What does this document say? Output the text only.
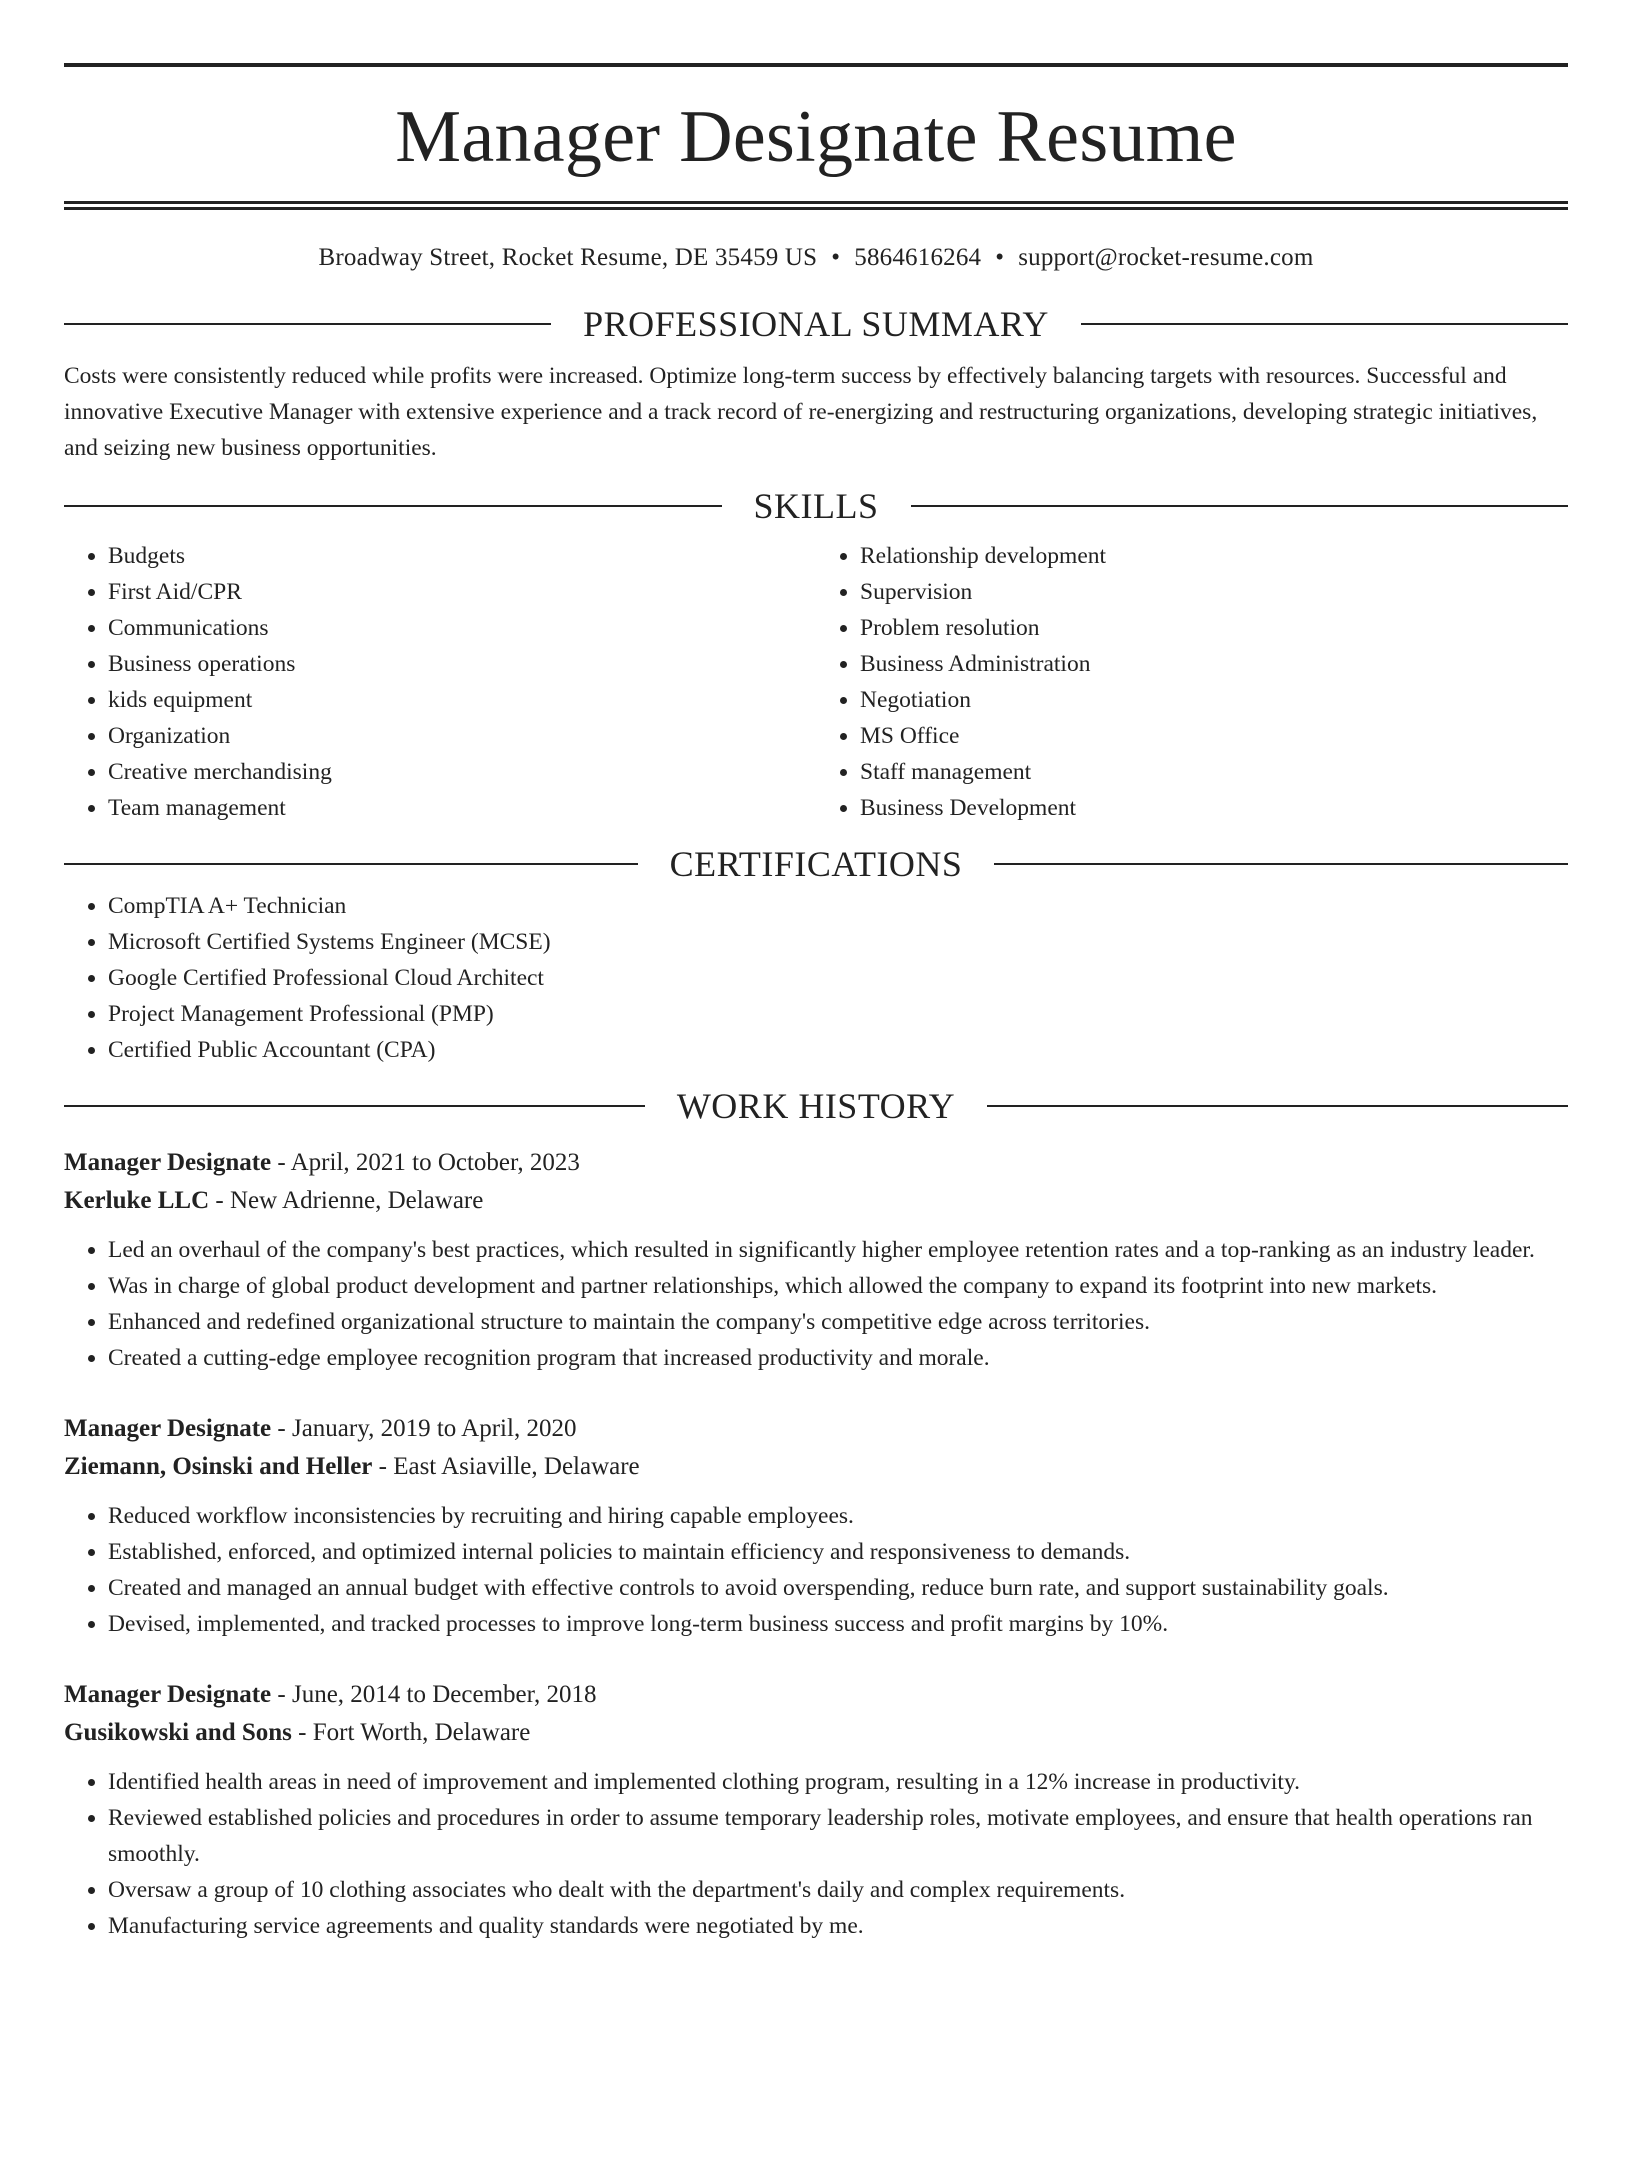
Manager Designate Resume
Broadway Street, Rocket Resume, DE 35459 US • 5864616264 • support@rocket-resume.com
PROFESSIONAL SUMMARY
Costs were consistently reduced while profits were increased. Optimize long-term success by effectively balancing targets with resources. Successful and innovative Executive Manager with extensive experience and a track record of re-energizing and restructuring organizations, developing strategic initiatives, and seizing new business opportunities.
SKILLS
• Budgets
• First Aid/CPR
• Communications
• Business operations
• kids equipment
• Organization
• Creative merchandising
• Team management
• Relationship development
• Supervision
• Problem resolution
• Business Administration
• Negotiation
• MS Office
• Staff management
• Business Development
CERTIFICATIONS
• CompTIA A+ Technician
• Microsoft Certified Systems Engineer (MCSE)
• Google Certified Professional Cloud Architect
• Project Management Professional (PMP)
• Certified Public Accountant (CPA)
WORK HISTORY
Manager Designate - April, 2021 to October, 2023
Kerluke LLC - New Adrienne, Delaware
• Led an overhaul of the company's best practices, which resulted in significantly higher employee retention rates and a top-ranking as an industry leader.
• Was in charge of global product development and partner relationships, which allowed the company to expand its footprint into new markets.
• Enhanced and redefined organizational structure to maintain the company's competitive edge across territories.
• Created a cutting-edge employee recognition program that increased productivity and morale.
Manager Designate - January, 2019 to April, 2020
Ziemann, Osinski and Heller - East Asiaville, Delaware
• Reduced workflow inconsistencies by recruiting and hiring capable employees.
• Established, enforced, and optimized internal policies to maintain efficiency and responsiveness to demands.
• Created and managed an annual budget with effective controls to avoid overspending, reduce burn rate, and support sustainability goals.
• Devised, implemented, and tracked processes to improve long-term business success and profit margins by 10%.
Manager Designate - June, 2014 to December, 2018
Gusikowski and Sons - Fort Worth, Delaware
• Identified health areas in need of improvement and implemented clothing program, resulting in a 12% increase in productivity.
• Reviewed established policies and procedures in order to assume temporary leadership roles, motivate employees, and ensure that health operations ran smoothly.
• Oversaw a group of 10 clothing associates who dealt with the department's daily and complex requirements.
• Manufacturing service agreements and quality standards were negotiated by me.
